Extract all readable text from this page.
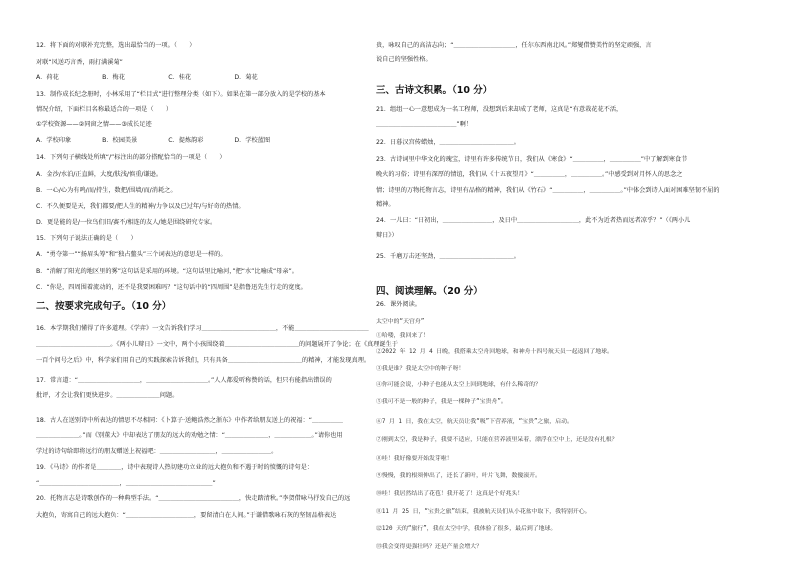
12．将下面的对联补充完整，选出最恰当的一项。（　　）
对联“风送巧言香，雨打满溪菊”
A．荷花　　　　　　　B．梅花　　　　　　　C．桂花　　　　　　　D．菊花
13．制作成长纪念册时，小林采用了“栏目式”进行整理分类（如下）。如果在第一部分放入的是学校的基本
情况介绍，下面栏目名称最适合的一项是（　　）
①学校资源——②同窗之情——③成长足迹
A．学校印象　　　　　B．校园美景　　　　　C．提炼韵彩　　　　　D．学校蓝图
14．下列句子横线处所填“/”标注出的部分搭配恰当的一项是（　　）
A．金沙/水泊/正直鲜，大度/肤浅/慎重/谦逊。
B．一心/心为有鸣/而/持生，数把/围墙/而/消耗之。
C．不久便要是天，我们都要/把人生的精神/力争以及已过年/与好奇的热情。
D．更是能的是/一位鸟们旧/赛不/相连的友人/她是围绕研究专家。
15．下列句子说法正确的是（　　）
A．“勇夺第一”“扬眉头筹”和“独占鳌头”三个词表达的意思是一样的。
B．“消解了阳光的地区里的雾”这句话是采用的环境。“这句话里比喻河，”把“水”比喻成“母亲”。
C．“你是，四周围着流动的，还不是我要困难吗？”这句话中的“四周围”是指鲁迅先生行走的宽度。
二、按要求完成句子。（10 分）
16．本学期我们懂得了许多道理。《学弈》一文告诉我们学习＿＿＿＿＿＿＿＿＿＿＿＿，不能＿＿＿＿＿＿＿＿＿＿＿＿
＿＿＿＿＿＿＿＿＿＿＿＿。《两小儿辩日》一文中，两个小孩围绕着＿＿＿＿＿＿＿＿＿＿＿＿的问题展开了争论；在《真理诞生于
一百个问号之后》中，科学家们用自己的实践探索告诉我们，只有具备＿＿＿＿＿＿＿＿＿＿＿＿的精神，才能发现真理。
17．常言道：“＿＿＿＿＿＿＿＿＿＿，＿＿＿＿＿＿＿＿＿＿。”人人都爱听称赞的话，但只有能指出错误的
批评，才会让我们更快进步。＿＿＿＿＿＿＿问题。
18．古人在送别诗中所表达的情思不尽相同：《卜算子·送鲍浩然之浙东》中作者给朋友送上的祝福：“＿＿＿＿＿
＿＿＿＿＿＿＿。”而《别董大》中却表达了朋友的远大的劝勉之情：“＿＿＿＿＿＿＿，＿＿＿＿＿＿。”请你也用
学过的诗句给即将远行的朋友赠送上祝福吧：＿＿＿＿＿＿＿＿＿，＿＿＿＿＿＿＿＿。
19．《马诗》的作者是＿＿＿＿，诗中表现诗人热切建功立业的远大抱负和不遇于时的愤慨的诗句是：
“＿＿＿＿＿＿＿＿＿＿＿＿＿，＿＿＿＿＿＿＿＿＿＿＿＿＿＿”
20．托物言志是诗歌创作的一种典型手法。“＿＿＿＿＿＿＿＿＿＿＿＿＿，快走踏清秋。”李贺借咏马抒发自己的远
大抱负，寄寓自己的远大抱负：“＿＿＿＿＿＿＿＿＿＿＿，要留清白在人间。”于谦借歌咏石灰的坚韧品格表达
贵，咏叹自己的高洁志向；“＿＿＿＿＿＿＿＿＿＿，任尔东西南北风。”郑燮借赞美竹的坚定顽强，言
说自己的坚强性格。
三、古诗文积累。（10 分）
21．组组一心一意想成为一名工程师，没想到后来却成了老师，这真是“有意栽花花不活，
＿＿＿＿＿＿＿＿＿＿＿＿＿”啊！
22．日暮汉宫传蜡烛，＿＿＿＿＿＿＿＿＿＿＿＿。
23．古诗词里中华文化的瑰宝，诗里有许多传统节日，我们从《寒食》“＿＿＿＿＿，＿＿＿＿＿”中了解到寒食节
晚火的习俗；诗里有深厚的情谊，我们从《十五夜望月》“＿＿＿＿＿，＿＿＿＿＿。”中感受到对月怀人的思念之
情；诗里的万物托物言志，诗里有品格的精神，我们从《竹石》“＿＿＿＿＿，＿＿＿＿＿。”中体会到诗人面对困难坚韧不屈的
精神。
24．一儿曰：“日初出，＿＿＿＿＿＿＿＿，及日中＿＿＿＿＿＿＿＿＿＿，此不为近者热而远者凉乎？”（《两小儿
辩日》）
25．千磨万击还坚劲，＿＿＿＿＿＿＿＿＿＿＿＿。
四、阅读理解。（20 分）
26．课外阅读。
太空中的“天宫舟”
①哈喽，我回来了！
②2022 年 12 月 4 日晚，我搭乘太空舟回地球，和神舟十四号航天员一起返回了地球。
③我是谁？我是太空中的种子呀！
④你可能会说，小种子也能从太空上回到地球，有什么稀奇的？
⑤我可不是一般的种子，我是一棵种子“宝贵舟”。
⑥7 月 1 日，我在太空，航天员让我“吸”下营养液，“宝贵”之旅，启动。
⑦刚到太空，我是种子，我要不适应，只能在营养液里呆着，漂浮在空中上，还是没有扎根？
⑧哇！我好像要开始发芽啦！
⑨慢慢，我的根须伸出了，还长了新叶，叶片飞舞，数傻滚开。
⑩哇！我居然结出了花苞！我开花了！这真是个好兆头！
⑪11 月 25 日，“宝贵之旅”结束，我被航天员们从小花盆中取下，我特别开心。
⑫120 天的“旅行”，我在太空中学，我体验了很多，最后到了地球。
⑬我会变得更强壮吗？还是产量会增大？
